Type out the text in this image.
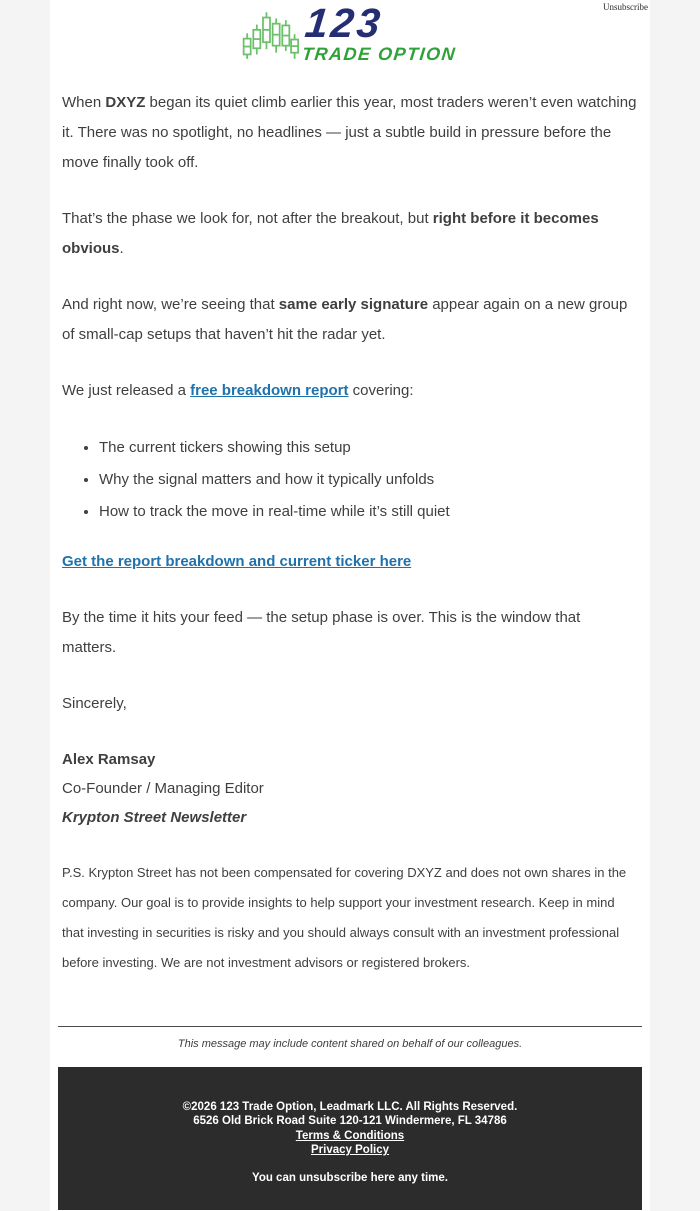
Unsubscribe
123
TRADE OPTION

When DXYZ began its quiet climb earlier this year, most traders weren’t even watching it. There was no spotlight, no headlines — just a subtle build in pressure before the move finally took off.

That’s the phase we look for, not after the breakout, but right before it becomes obvious.

And right now, we’re seeing that same early signature appear again on a new group of small-cap setups that haven’t hit the radar yet.

We just released a free breakdown report covering:

• The current tickers showing this setup
• Why the signal matters and how it typically unfolds
• How to track the move in real-time while it’s still quiet

Get the report breakdown and current ticker here

By the time it hits your feed — the setup phase is over. This is the window that matters.

Sincerely,

Alex Ramsay
Co-Founder / Managing Editor
Krypton Street Newsletter

P.S. Krypton Street has not been compensated for covering DXYZ and does not own shares in the company. Our goal is to provide insights to help support your investment research. Keep in mind that investing in securities is risky and you should always consult with an investment professional before investing. We are not investment advisors or registered brokers.

This message may include content shared on behalf of our colleagues.
©2026 123 Trade Option, Leadmark LLC. All Rights Reserved.
6526 Old Brick Road Suite 120-121 Windermere, FL 34786
Terms & Conditions
Privacy Policy
You can unsubscribe here any time.
